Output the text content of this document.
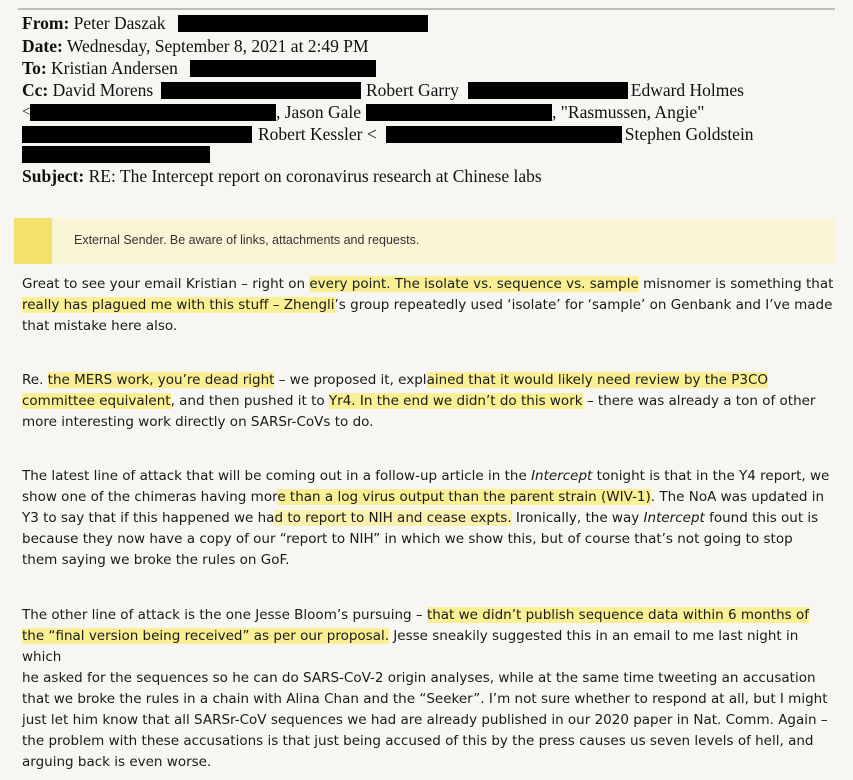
From: Peter Daszak
Date: Wednesday, September 8, 2021 at 2:49 PM
To: Kristian Andersen
Cc: David Morens	Robert Garry	, Edward Holmes
<	, Jason Gale	, "Rasmussen, Angie"
Robert Kessler <	, Stephen Goldstein
Subject: RE: The Intercept report on coronavirus research at Chinese labs
External Sender. Be aware of links, attachments and requests.
Great to see your email Kristian – right on every point. The isolate vs. sequence vs. sample misnomer is something that
really has plagued me with this stuff – Zhengli’s group repeatedly used ‘isolate’ for ‘sample’ on Genbank and I’ve made
that mistake here also.
Re. the MERS work, you’re dead right – we proposed it, explained that it would likely need review by the P3CO
committee equivalent, and then pushed it to Yr4. In the end we didn’t do this work – there was already a ton of other
more interesting work directly on SARSr-CoVs to do.
The latest line of attack that will be coming out in a follow-up article in the Intercept tonight is that in the Y4 report, we
show one of the chimeras having more than a log virus output than the parent strain (WIV-1). The NoA was updated in
Y3 to say that if this happened we had to report to NIH and cease expts. Ironically, the way Intercept found this out is
because they now have a copy of our “report to NIH” in which we show this, but of course that’s not going to stop
them saying we broke the rules on GoF.
The other line of attack is the one Jesse Bloom’s pursuing – that we didn’t publish sequence data within 6 months of
the “final version being received” as per our proposal. Jesse sneakily suggested this in an email to me last night in which
he asked for the sequences so he can do SARS-CoV-2 origin analyses, while at the same time tweeting an accusation
that we broke the rules in a chain with Alina Chan and the “Seeker”. I’m not sure whether to respond at all, but I might
just let him know that all SARSr-CoV sequences we had are already published in our 2020 paper in Nat. Comm. Again –
the problem with these accusations is that just being accused of this by the press causes us seven levels of hell, and
arguing back is even worse.
